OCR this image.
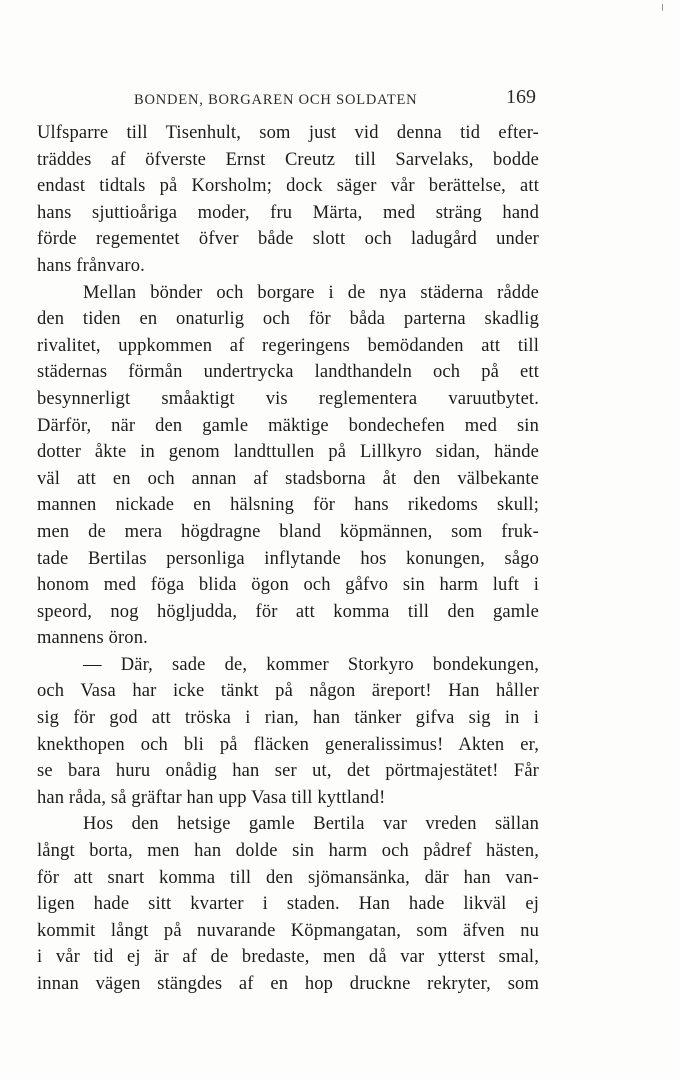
BONDEN, BORGAREN OCH SOLDATEN	169
Ulfsparre till Tisenhult, som just vid denna tid efter-
träddes af öfverste Ernst Creutz till Sarvelaks, bodde
endast tidtals på Korsholm; dock säger vår berättelse, att
hans sjuttioåriga moder, fru Märta, med sträng hand
förde regementet öfver både slott och ladugård under
hans frånvaro.
Mellan bönder och borgare i de nya städerna rådde
den tiden en onaturlig och för båda parterna skadlig
rivalitet, uppkommen af regeringens bemödanden att till
städernas förmån undertrycka landthandeln och på ett
besynnerligt småaktigt vis reglementera varuutbytet.
Därför, när den gamle mäktige bondechefen med sin
dotter åkte in genom landttullen på Lillkyro sidan, hände
väl att en och annan af stadsborna åt den välbekante
mannen nickade en hälsning för hans rikedoms skull;
men de mera högdragne bland köpmännen, som fruk-
tade Bertilas personliga inflytande hos konungen, sågo
honom med föga blida ögon och gåfvo sin harm luft i
speord, nog högljudda, för att komma till den gamle
mannens öron.
— Där, sade de, kommer Storkyro bondekungen,
och Vasa har icke tänkt på någon äreport! Han håller
sig för god att tröska i rian, han tänker gifva sig in i
knekthopen och bli på fläcken generalissimus! Akten er,
se bara huru onådig han ser ut, det pörtmajestätet! Får
han råda, så gräftar han upp Vasa till kyttland!
Hos den hetsige gamle Bertila var vreden sällan
långt borta, men han dolde sin harm och pådref hästen,
för att snart komma till den sjömansänka, där han van-
ligen hade sitt kvarter i staden. Han hade likväl ej
kommit långt på nuvarande Köpmangatan, som äfven nu
i vår tid ej är af de bredaste, men då var ytterst smal,
innan vägen stängdes af en hop druckne rekryter, som
